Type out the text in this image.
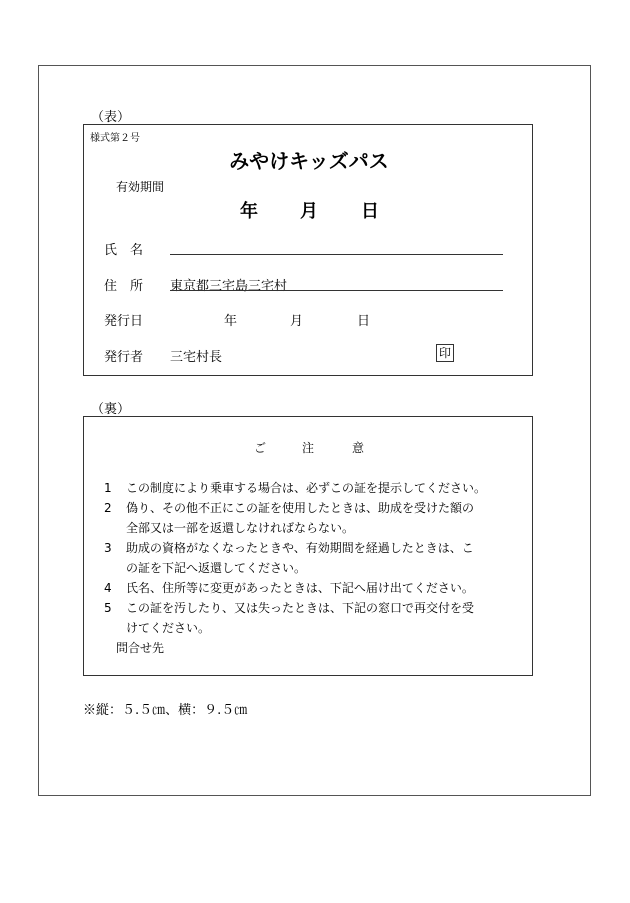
（表）
様式第２号
みやけキッズパス
有効期間
年 月 日
氏　名
住　所 東京都三宅島三宅村
発行日	年	月	日
発行者 三宅村長	印
（裏）
ご	注	意
1 この制度により乗車する場合は、必ずこの証を提示してください。
2 偽り、その他不正にこの証を使用したときは、助成を受けた額の
全部又は一部を返還しなければならない。
3 助成の資格がなくなったときや、有効期間を経過したときは、こ
の証を下記へ返還してください。
4 氏名、住所等に変更があったときは、下記へ届け出てください。
5 この証を汚したり、又は失ったときは、下記の窓口で再交付を受
けてください。
問合せ先
※縦：５.５㎝、横：９.５㎝
